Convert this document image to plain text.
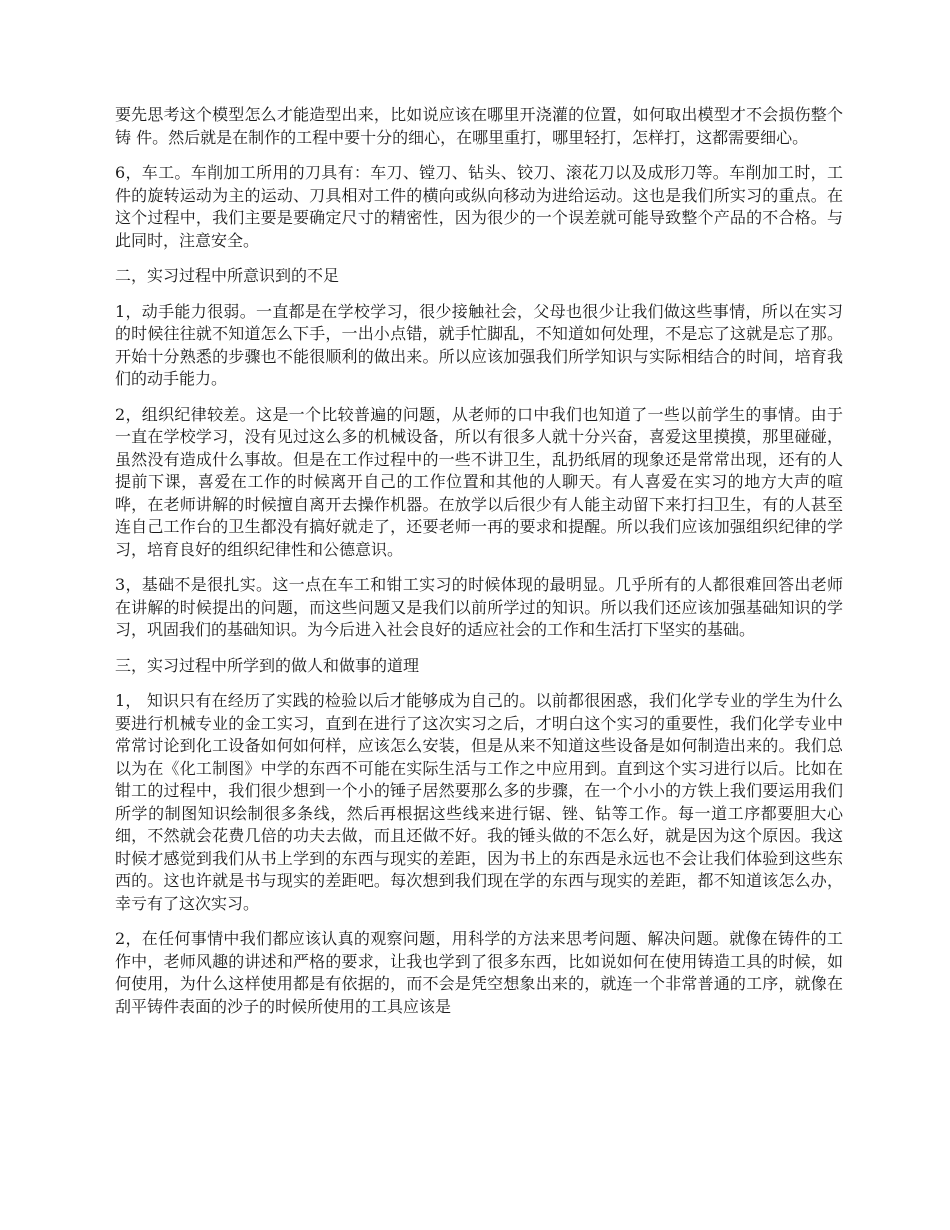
要先思考这个模型怎么才能造型出来，比如说应该在哪里开浇灌的位置，如何取出模型才不会损伤整个铸 件。然后就是在制作的工程中要十分的细心，在哪里重打，哪里轻打，怎样打，这都需要细心。

6，车工。车削加工所用的刀具有：车刀、镗刀、钻头、铰刀、滚花刀以及成形刀等。车削加工时，工件的旋转运动为主的运动、刀具相对工件的横向或纵向移动为进给运动。这也是我们所实习的重点。在这个过程中，我们主要是要确定尺寸的精密性，因为很少的一个误差就可能导致整个产品的不合格。与此同时，注意安全。

二，实习过程中所意识到的不足

1，动手能力很弱。一直都是在学校学习，很少接触社会，父母也很少让我们做这些事情，所以在实习的时候往往就不知道怎么下手，一出小点错，就手忙脚乱，不知道如何处理，不是忘了这就是忘了那。开始十分熟悉的步骤也不能很顺利的做出来。所以应该加强我们所学知识与实际相结合的时间，培育我们的动手能力。

2，组织纪律较差。这是一个比较普遍的问题，从老师的口中我们也知道了一些以前学生的事情。由于一直在学校学习，没有见过这么多的机械设备，所以有很多人就十分兴奋，喜爱这里摸摸，那里碰碰，虽然没有造成什么事故。但是在工作过程中的一些不讲卫生，乱扔纸屑的现象还是常常出现，还有的人提前下课，喜爱在工作的时候离开自己的工作位置和其他的人聊天。有人喜爱在实习的地方大声的喧哗，在老师讲解的时候擅自离开去操作机器。在放学以后很少有人能主动留下来打扫卫生，有的人甚至连自己工作台的卫生都没有搞好就走了，还要老师一再的要求和提醒。所以我们应该加强组织纪律的学习，培育良好的组织纪律性和公德意识。

3，基础不是很扎实。这一点在车工和钳工实习的时候体现的最明显。几乎所有的人都很难回答出老师在讲解的时候提出的问题，而这些问题又是我们以前所学过的知识。所以我们还应该加强基础知识的学习，巩固我们的基础知识。为今后进入社会良好的适应社会的工作和生活打下坚实的基础。

三，实习过程中所学到的做人和做事的道理

1， 知识只有在经历了实践的检验以后才能够成为自己的。以前都很困惑，我们化学专业的学生为什么要进行机械专业的金工实习，直到在进行了这次实习之后，才明白这个实习的重要性，我们化学专业中常常讨论到化工设备如何如何样，应该怎么安装，但是从来不知道这些设备是如何制造出来的。我们总以为在《化工制图》中学的东西不可能在实际生活与工作之中应用到。直到这个实习进行以后。比如在钳工的过程中，我们很少想到一个小的锤子居然要那么多的步骤，在一个小小的方铁上我们要运用我们所学的制图知识绘制很多条线，然后再根据这些线来进行锯、锉、钻等工作。每一道工序都要胆大心细，不然就会花费几倍的功夫去做，而且还做不好。我的锤头做的不怎么好，就是因为这个原因。我这时候才感觉到我们从书上学到的东西与现实的差距，因为书上的东西是永远也不会让我们体验到这些东西的。这也许就是书与现实的差距吧。每次想到我们现在学的东西与现实的差距，都不知道该怎么办，幸亏有了这次实习。

2，在任何事情中我们都应该认真的观察问题，用科学的方法来思考问题、解决问题。就像在铸件的工作中，老师风趣的讲述和严格的要求，让我也学到了很多东西，比如说如何在使用铸造工具的时候，如何使用，为什么这样使用都是有依据的，而不会是凭空想象出来的，就连一个非常普通的工序，就像在刮平铸件表面的沙子的时候所使用的工具应该是
